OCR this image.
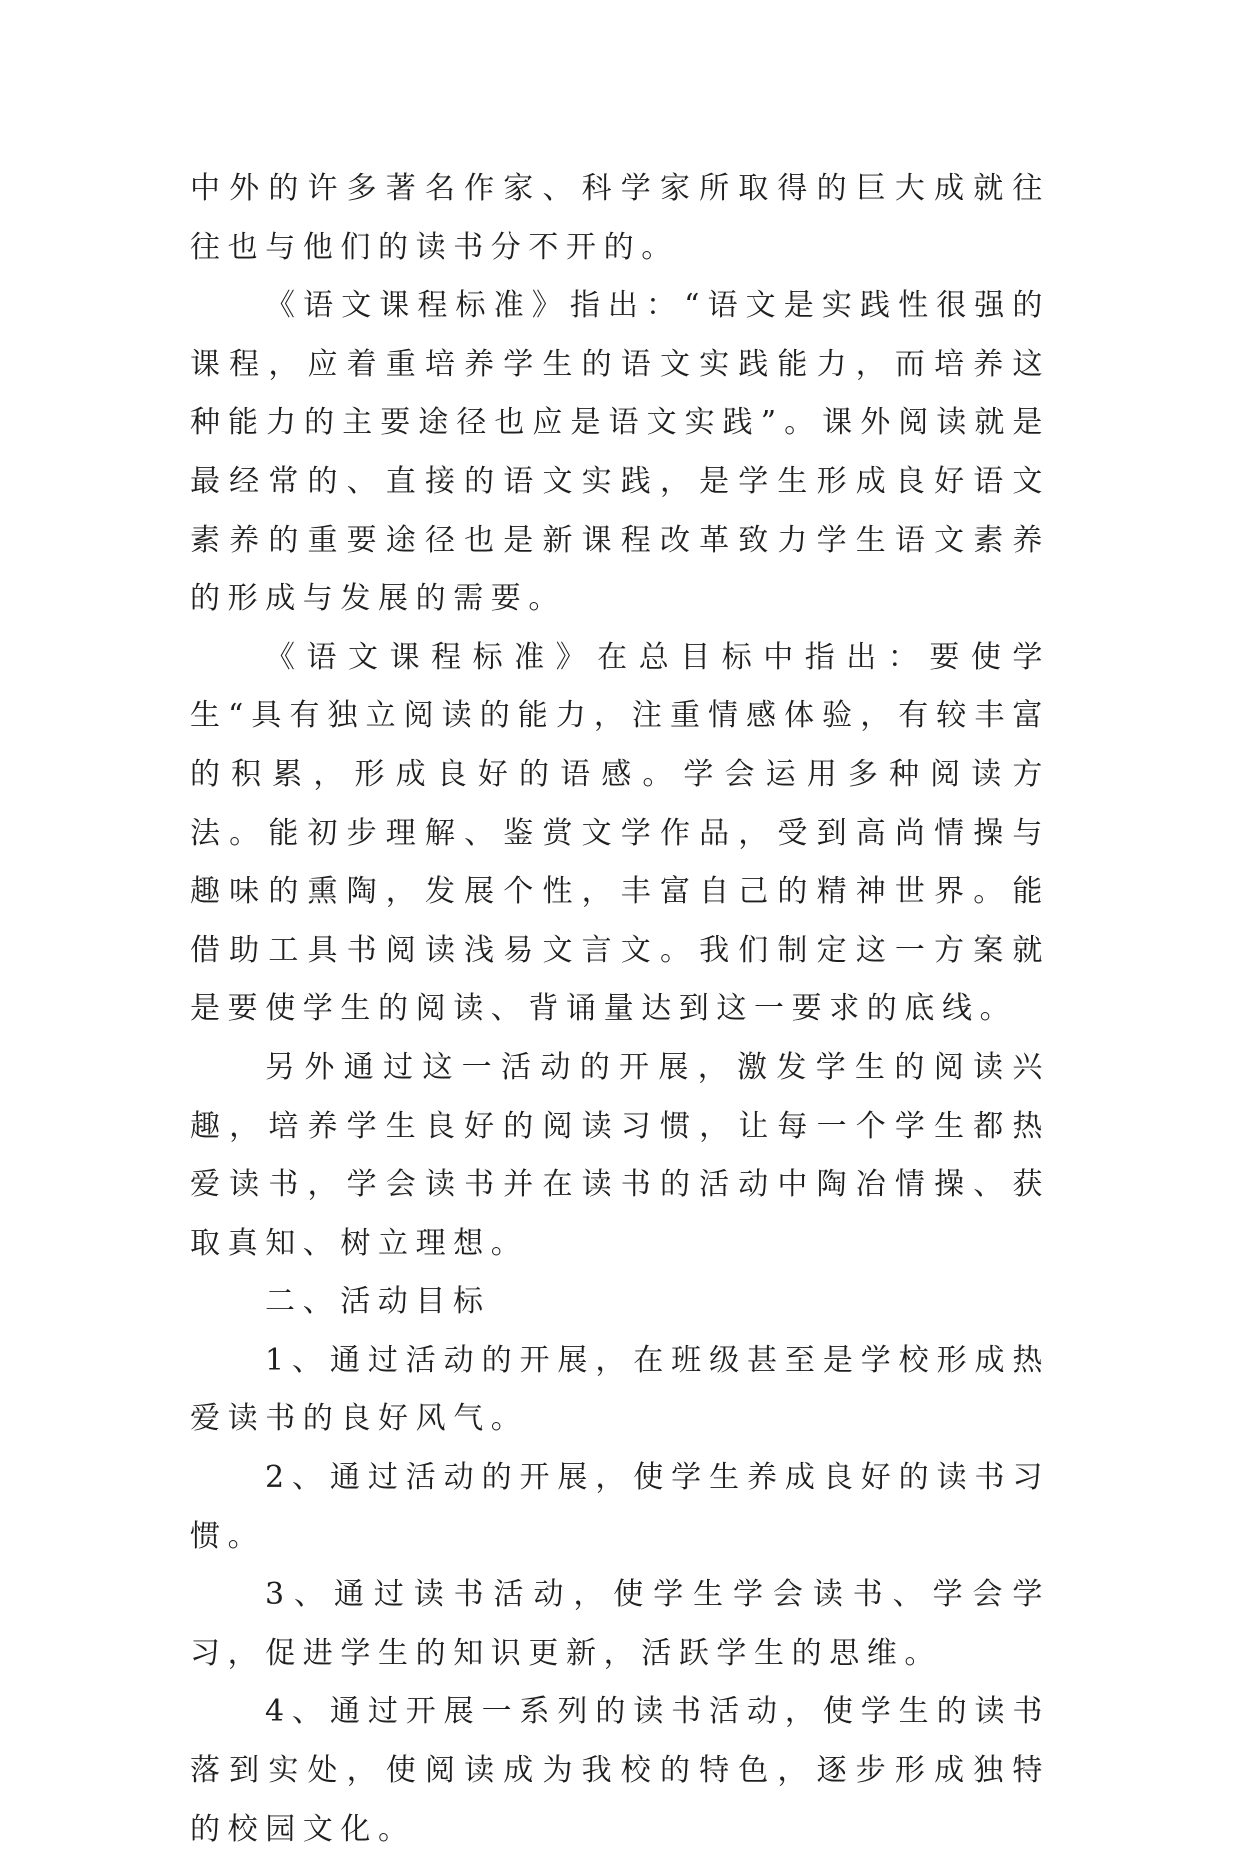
中外的许多著名作家、科学家所取得的巨大成就往往也与他们的读书分不开的。

《语文课程标准》指出：“语文是实践性很强的课程，应着重培养学生的语文实践能力，而培养这种能力的主要途径也应是语文实践”。课外阅读就是最经常的、直接的语文实践，是学生形成良好语文素养的重要途径也是新课程改革致力学生语文素养的形成与发展的需要。

《语文课程标准》在总目标中指出：要使学生“具有独立阅读的能力，注重情感体验，有较丰富的积累，形成良好的语感。学会运用多种阅读方法。能初步理解、鉴赏文学作品，受到高尚情操与趣味的熏陶，发展个性，丰富自己的精神世界。能借助工具书阅读浅易文言文。我们制定这一方案就是要使学生的阅读、背诵量达到这一要求的底线。

另外通过这一活动的开展，激发学生的阅读兴趣，培养学生良好的阅读习惯，让每一个学生都热爱读书，学会读书并在读书的活动中陶冶情操、获取真知、树立理想。

二、活动目标

1、通过活动的开展，在班级甚至是学校形成热爱读书的良好风气。

2、通过活动的开展，使学生养成良好的读书习惯。

3、通过读书活动，使学生学会读书、学会学习，促进学生的知识更新，活跃学生的思维。

4、通过开展一系列的读书活动，使学生的读书落到实处，使阅读成为我校的特色，逐步形成独特的校园文化。
